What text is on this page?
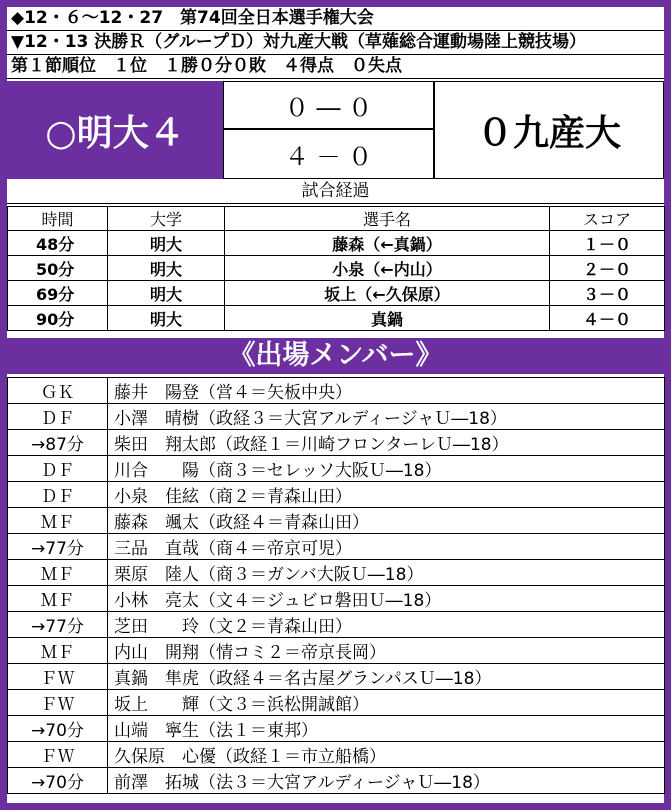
◆12・６～12・27　第74回全日本選手権大会
▼12・13 決勝Ｒ（グループＤ）対九産大戦（草薙総合運動場陸上競技場）
第１節順位　１位　１勝０分０敗　４得点　０失点
○明大４
０ ― ０
４ － ０
０九産大
試合経過
時間	大学	選手名	スコア
48分	明大	藤森（←真鍋）	１－０
50分	明大	小泉（←内山）	２－０
69分	明大	坂上（←久保原）	３－０
90分	明大	真鍋	４－０
《出場メンバー》
ＧＫ	藤井　陽登（営４＝矢板中央）
ＤＦ	小澤　晴樹（政経３＝大宮アルディージャＵ―18）
→87分	柴田　翔太郎（政経１＝川崎フロンターレＵ―18）
ＤＦ	川合　　陽（商３＝セレッソ大阪Ｕ―18）
ＤＦ	小泉　佳絃（商２＝青森山田）
ＭＦ	藤森　颯太（政経４＝青森山田）
→77分	三品　直哉（商４＝帝京可児）
ＭＦ	栗原　陸人（商３＝ガンバ大阪Ｕ―18）
ＭＦ	小林　亮太（文４＝ジュビロ磐田Ｕ―18）
→77分	芝田　　玲（文２＝青森山田）
ＭＦ	内山　開翔（情コミ２＝帝京長岡）
ＦＷ	真鍋　隼虎（政経４＝名古屋グランパスＵ―18）
ＦＷ	坂上　　輝（文３＝浜松開誠館）
→70分	山端　寧生（法１＝東邦）
ＦＷ	久保原　心優（政経１＝市立船橋）
→70分	前澤　拓城（法３＝大宮アルディージャＵ―18）
